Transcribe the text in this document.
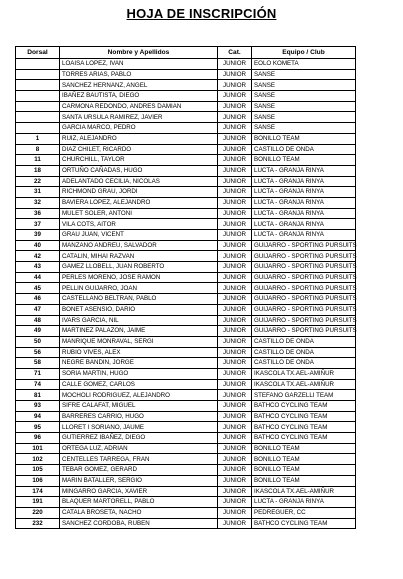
HOJA DE INSCRIPCIÓN
Dorsal	Nombre y Apellidos	Cat.	Equipo / Club
	LOAISA LOPEZ, IVAN	JUNIOR	EOLO KOMETA
	TORRES ARIAS, PABLO	JUNIOR	SANSE
	SANCHEZ HERNANZ, ANGEL	JUNIOR	SANSE
	IBAÑEZ BAUTISTA, DIEGO	JUNIOR	SANSE
	CARMONA REDONDO, ANDRES DAMIAN	JUNIOR	SANSE
	SANTA URSULA RAMIREZ, JAVIER	JUNIOR	SANSE
	GARCIA MARCO, PEDRO	JUNIOR	SANSE
1	RUIZ, ALEJANDRO	JUNIOR	BONILLO TEAM
8	DIAZ CHILET, RICARDO	JUNIOR	CASTILLO DE ONDA
11	CHURCHILL, TAYLOR	JUNIOR	BONILLO TEAM
18	ORTUÑO CAÑADAS, HUGO	JUNIOR	LUCTA - GRANJA RINYA
22	ADELANTADO CECILIA, NICOLAS	JUNIOR	LUCTA - GRANJA RINYA
31	RICHMOND GRAU, JORDI	JUNIOR	LUCTA - GRANJA RINYA
32	BAVIERA LOPEZ, ALEJANDRO	JUNIOR	LUCTA - GRANJA RINYA
36	MULET SOLER, ANTONI	JUNIOR	LUCTA - GRANJA RINYA
37	VILA COTS, AITOR	JUNIOR	LUCTA - GRANJA RINYA
39	GRAU JUAN, VICENT	JUNIOR	LUCTA - GRANJA RINYA
40	MANZANO ANDREU, SALVADOR	JUNIOR	GUIJARRO - SPORTING PURSUITS
42	CATALIN, MIHAI RAZVAN	JUNIOR	GUIJARRO - SPORTING PURSUITS
43	GAMEZ LLOBELL, JUAN ROBERTO	JUNIOR	GUIJARRO - SPORTING PURSUITS
44	PERLES MORENO, JOSE RAMON	JUNIOR	GUIJARRO - SPORTING PURSUITS
45	PELLIN GUIJARRO, JOAN	JUNIOR	GUIJARRO - SPORTING PURSUITS
46	CASTELLANO BELTRAN, PABLO	JUNIOR	GUIJARRO - SPORTING PURSUITS
47	BONET ASENSIO, DARIO	JUNIOR	GUIJARRO - SPORTING PURSUITS
48	IVARS GARCIA, NIL	JUNIOR	GUIJARRO - SPORTING PURSUITS
49	MARTINEZ PALAZON, JAIME	JUNIOR	GUIJARRO - SPORTING PURSUITS
50	MANRIQUE MONRAVAL, SERGI	JUNIOR	CASTILLO DE ONDA
56	RUBIO VIVES, ALEX	JUNIOR	CASTILLO DE ONDA
58	NEGRE BANDIN, JORGE	JUNIOR	CASTILLO DE ONDA
71	SORIA MARTIN, HUGO	JUNIOR	IKASCOLA TX.AEL-AMIÑUR
74	CALLE GOMEZ, CARLOS	JUNIOR	IKASCOLA TX.AEL-AMIÑUR
81	MOCHOLI RODRIGUEZ, ALEJANDRO	JUNIOR	STEFANO GARZELLI TEAM
93	SIFRE CALAFAT, MIGUEL	JUNIOR	BATHCO CYCLING TEAM
94	BARRERES CARRIO, HUGO	JUNIOR	BATHCO CYCLING TEAM
95	LLORET I SORIANO, JAUME	JUNIOR	BATHCO CYCLING TEAM
96	GUTIERREZ IBAÑEZ, DIEGO	JUNIOR	BATHCO CYCLING TEAM
101	ORTEGA LUZ, ADRIAN	JUNIOR	BONILLO TEAM
102	CENTELLES TARREGA, FRAN	JUNIOR	BONILLO TEAM
105	TEBAR GOMEZ, GERARD	JUNIOR	BONILLO TEAM
106	MARIN BATALLER, SERGIO	JUNIOR	BONILLO TEAM
174	MINGARRO GARCIA, XAVIER	JUNIOR	IKASCOLA TX.AEL-AMIÑUR
191	BLAQUER MARTORELL, PABLO	JUNIOR	LUCTA - GRANJA RINYA
220	CATALA BROSETA, NACHO	JUNIOR	PEDREGUER, CC
232	SANCHEZ CORDOBA, RUBEN	JUNIOR	BATHCO CYCLING TEAM
